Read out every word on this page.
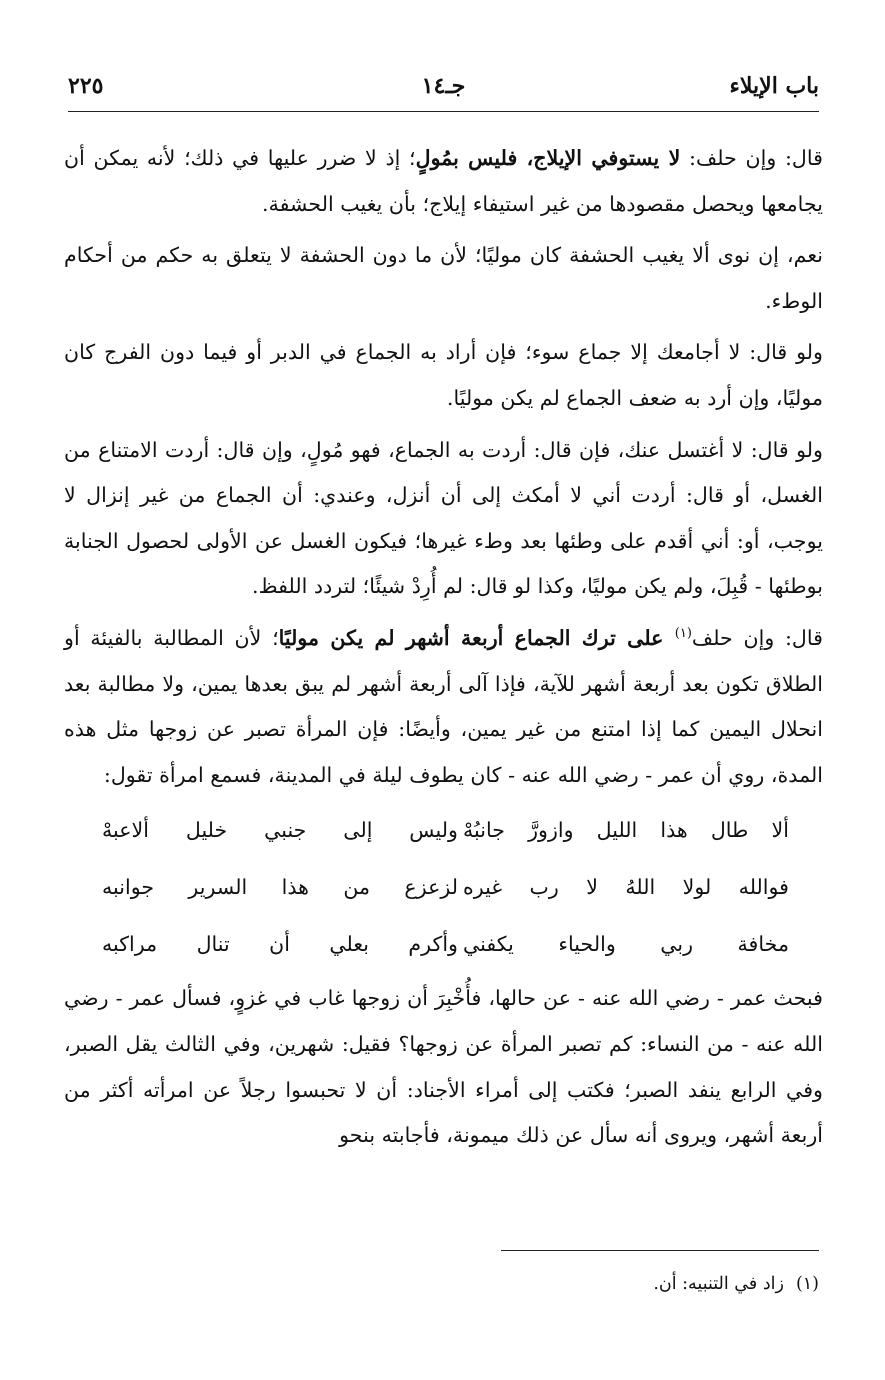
باب الإيلاء
جـ١٤
٢٢٥

قال: وإن حلف: لا يستوفي الإيلاج، فليس بمُولٍ؛ إذ لا ضرر عليها في ذلك؛ لأنه يمكن أن يجامعها ويحصل مقصودها من غير استيفاء إيلاج؛ بأن يغيب الحشفة.

نعم، إن نوى ألا يغيب الحشفة كان موليًا؛ لأن ما دون الحشفة لا يتعلق به حكم من أحكام الوطء.

ولو قال: لا أجامعك إلا جماع سوء؛ فإن أراد به الجماع في الدبر أو فيما دون الفرج كان موليًا، وإن أرد به ضعف الجماع لم يكن موليًا.

ولو قال: لا أغتسل عنك، فإن قال: أردت به الجماع، فهو مُولٍ، وإن قال: أردت الامتناع من الغسل، أو قال: أردت أني لا أمكث إلى أن أنزل، وعندي: أن الجماع من غير إنزال لا يوجب، أو: أني أقدم على وطئها بعد وطء غيرها؛ فيكون الغسل عن الأولى لحصول الجنابة بوطئها - قُبِلَ، ولم يكن موليًا، وكذا لو قال: لم أُرِدْ شيئًا؛ لتردد اللفظ.

قال: وإن حلف$^{(١)}$ على ترك الجماع أربعة أشهر لم يكن موليًا؛ لأن المطالبة بالفيئة أو الطلاق تكون بعد أربعة أشهر للآية، فإذا آلى أربعة أشهر لم يبق بعدها يمين، ولا مطالبة بعد انحلال اليمين كما إذا امتنع من غير يمين، وأيضًا: فإن المرأة تصبر عن زوجها مثل هذه المدة، روي أن عمر - رضي الله عنه - كان يطوف ليلة في المدينة، فسمع امرأة تقول:

ألا طال هذا الليل وازورَّ جانبُهْ
وليس إلى جنبي خليل ألاعبهْ
فوالله لولا اللهُ لا رب غيره
لزعزع من هذا السرير جوانبه
مخافة ربي والحياء يكفني
وأكرم بعلي أن تنال مراكبه

فبحث عمر - رضي الله عنه - عن حالها، فأُخْبِرَ أن زوجها غاب في غزوٍ، فسأل عمر - رضي الله عنه - من النساء: كم تصبر المرأة عن زوجها؟ فقيل: شهرين، وفي الثالث يقل الصبر، وفي الرابع ينفد الصبر؛ فكتب إلى أمراء الأجناد: أن لا تحبسوا رجلاً عن امرأته أكثر من أربعة أشهر، ويروى أنه سأل عن ذلك ميمونة، فأجابته بنحو

(١)زاد في التنبيه: أن.
